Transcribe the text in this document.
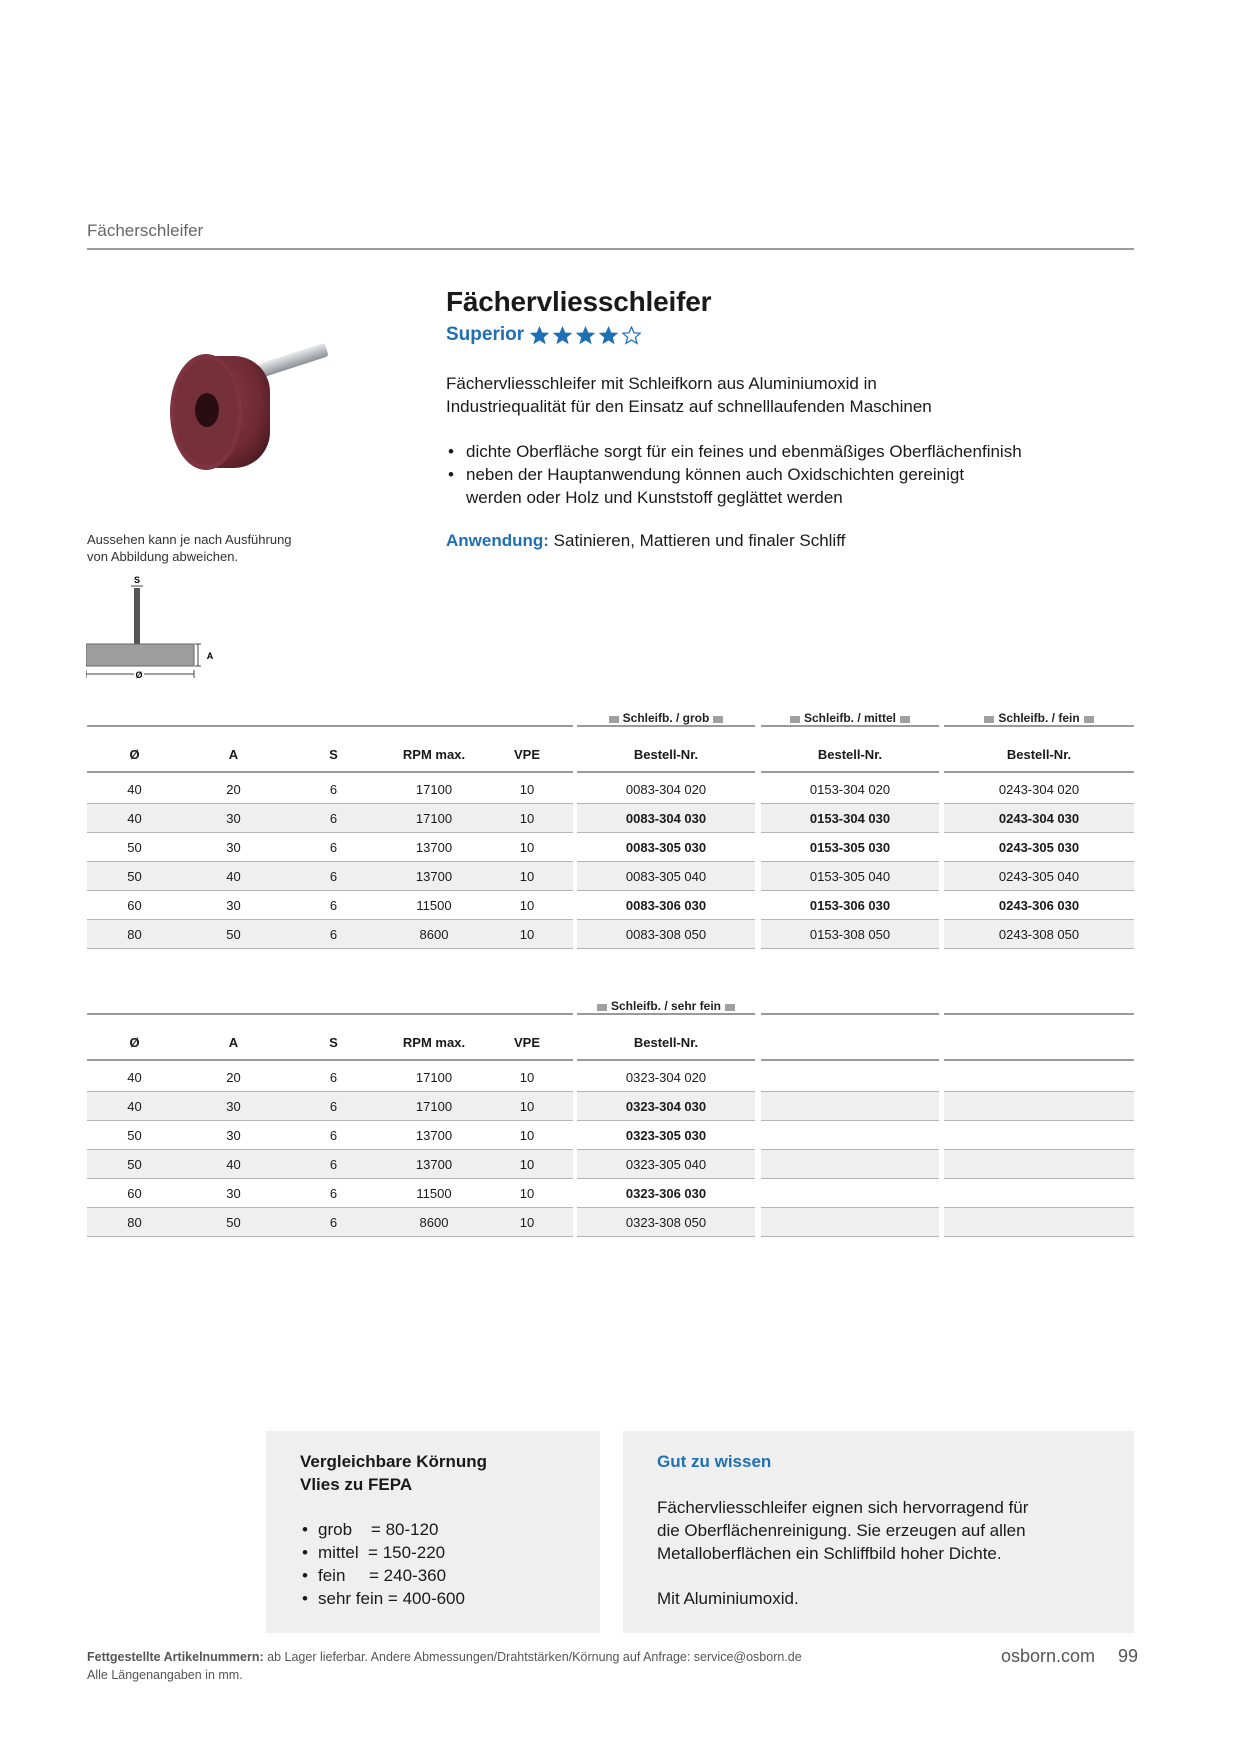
Fächerschleifer
Aussehen kann je nach Ausführung
von Abbildung abweichen.
S
A
Ø
Fächervliesschleifer
Superior
Fächervliesschleifer mit Schleifkorn aus Aluminiumoxid in
Industriequalität für den Einsatz auf schnelllaufenden Maschinen
• dichte Oberfläche sorgt für ein feines und ebenmäßiges Oberflächenfinish
• neben der Hauptanwendung können auch Oxidschichten gereinigt
werden oder Holz und Kunststoff geglättet werden
Anwendung: Satinieren, Mattieren und finaler Schliff
Schleifb. / grob	Schleifb. / mittel	Schleifb. / fein
Ø	A	S	RPM max.	VPE	Bestell-Nr.	Bestell-Nr.	Bestell-Nr.
40	20	6	17100	10	0083-304 020	0153-304 020	0243-304 020
40	30	6	17100	10	0083-304 030	0153-304 030	0243-304 030
50	30	6	13700	10	0083-305 030	0153-305 030	0243-305 030
50	40	6	13700	10	0083-305 040	0153-305 040	0243-305 040
60	30	6	11500	10	0083-306 030	0153-306 030	0243-306 030
80	50	6	8600	10	0083-308 050	0153-308 050	0243-308 050
Schleifb. / sehr fein
Ø	A	S	RPM max.	VPE	Bestell-Nr.
40	20	6	17100	10	0323-304 020
40	30	6	17100	10	0323-304 030
50	30	6	13700	10	0323-305 030
50	40	6	13700	10	0323-305 040
60	30	6	11500	10	0323-306 030
80	50	6	8600	10	0323-308 050
Vergleichbare Körnung
Vlies zu FEPA
• grob    = 80-120
• mittel  = 150-220
• fein     = 240-360
• sehr fein = 400-600
Gut zu wissen
Fächervliesschleifer eignen sich hervorragend für
die Oberflächenreinigung. Sie erzeugen auf allen
Metalloberflächen ein Schliffbild hoher Dichte.
Mit Aluminiumoxid.
Fettgestellte Artikelnummern: ab Lager lieferbar. Andere Abmessungen/Drahtstärken/Körnung auf Anfrage: service@osborn.de
Alle Längenangaben in mm.
osborn.com 99
